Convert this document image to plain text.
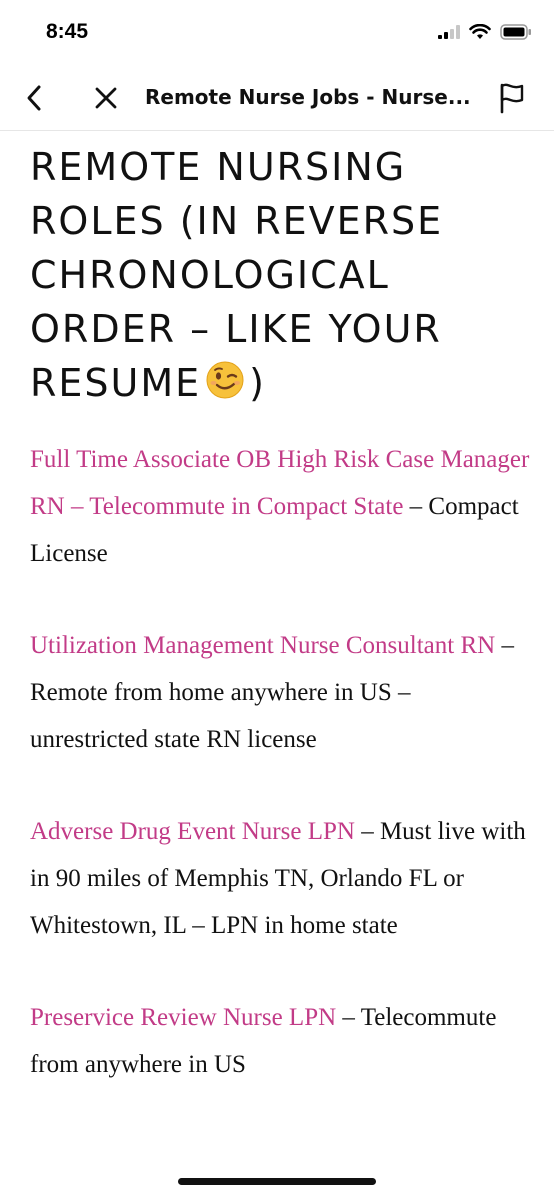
8:45
Remote Nurse Jobs - Nurse...
REMOTE NURSING ROLES (IN REVERSE CHRONOLOGICAL ORDER – LIKE YOUR RESUME )

Full Time Associate OB High Risk Case Manager RN – Telecommute in Compact State – Compact License

Utilization Management Nurse Consultant RN – Remote from home anywhere in US – unrestricted state RN license

Adverse Drug Event Nurse LPN – Must live with in 90 miles of Memphis TN, Orlando FL or Whitestown, IL – LPN in home state

Preservice Review Nurse LPN – Telecommute from anywhere in US
